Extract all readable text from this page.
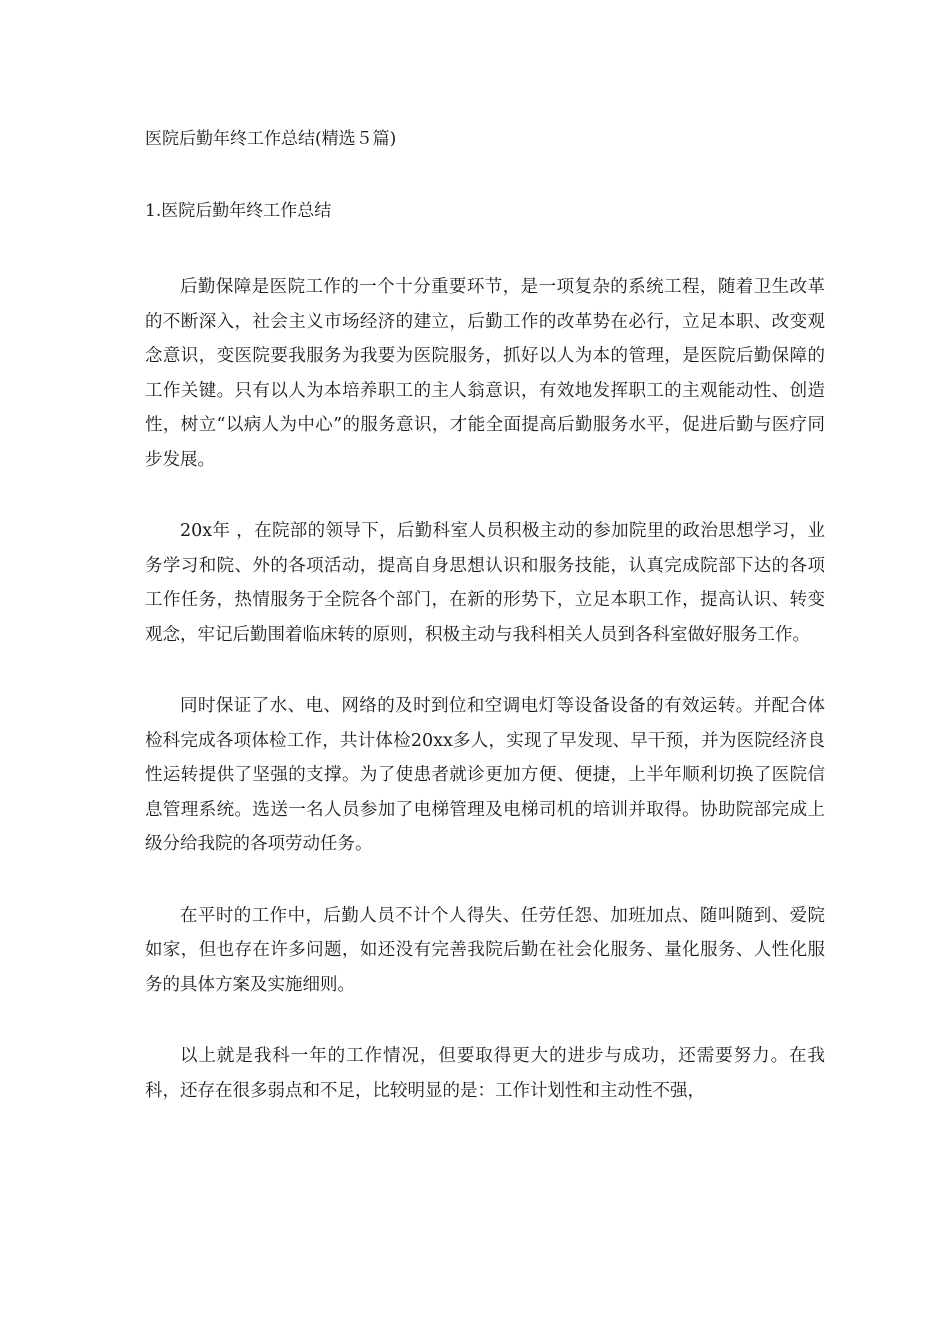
医院后勤年终工作总结(精选５篇)
1.医院后勤年终工作总结

后勤保障是医院工作的一个十分重要环节，是一项复杂的系统工程，随着卫生改革的不断深入，社会主义市场经济的建立，后勤工作的改革势在必行，立足本职、改变观念意识，变医院要我服务为我要为医院服务，抓好以人为本的管理，是医院后勤保障的工作关键。只有以人为本培养职工的主人翁意识，有效地发挥职工的主观能动性、创造性，树立“以病人为中心”的服务意识，才能全面提高后勤服务水平，促进后勤与医疗同步发展。

20x年 ，在院部的领导下，后勤科室人员积极主动的参加院里的政治思想学习，业务学习和院、外的各项活动，提高自身思想认识和服务技能，认真完成院部下达的各项工作任务，热情服务于全院各个部门，在新的形势下，立足本职工作，提高认识、转变观念，牢记后勤围着临床转的原则，积极主动与我科相关人员到各科室做好服务工作。

同时保证了水、电、网络的及时到位和空调电灯等设备设备的有效运转。并配合体检科完成各项体检工作，共计体检20xx多人，实现了早发现、早干预，并为医院经济良性运转提供了坚强的支撑。为了使患者就诊更加方便、便捷，上半年顺利切换了医院信息管理系统。选送一名人员参加了电梯管理及电梯司机的培训并取得。协助院部完成上级分给我院的各项劳动任务。

在平时的工作中，后勤人员不计个人得失、任劳任怨、加班加点、随叫随到、爱院如家，但也存在许多问题，如还没有完善我院后勤在社会化服务、量化服务、人性化服务的具体方案及实施细则。

以上就是我科一年的工作情况，但要取得更大的进步与成功，还需要努力。在我科，还存在很多弱点和不足，比较明显的是：工作计划性和主动性不强，
